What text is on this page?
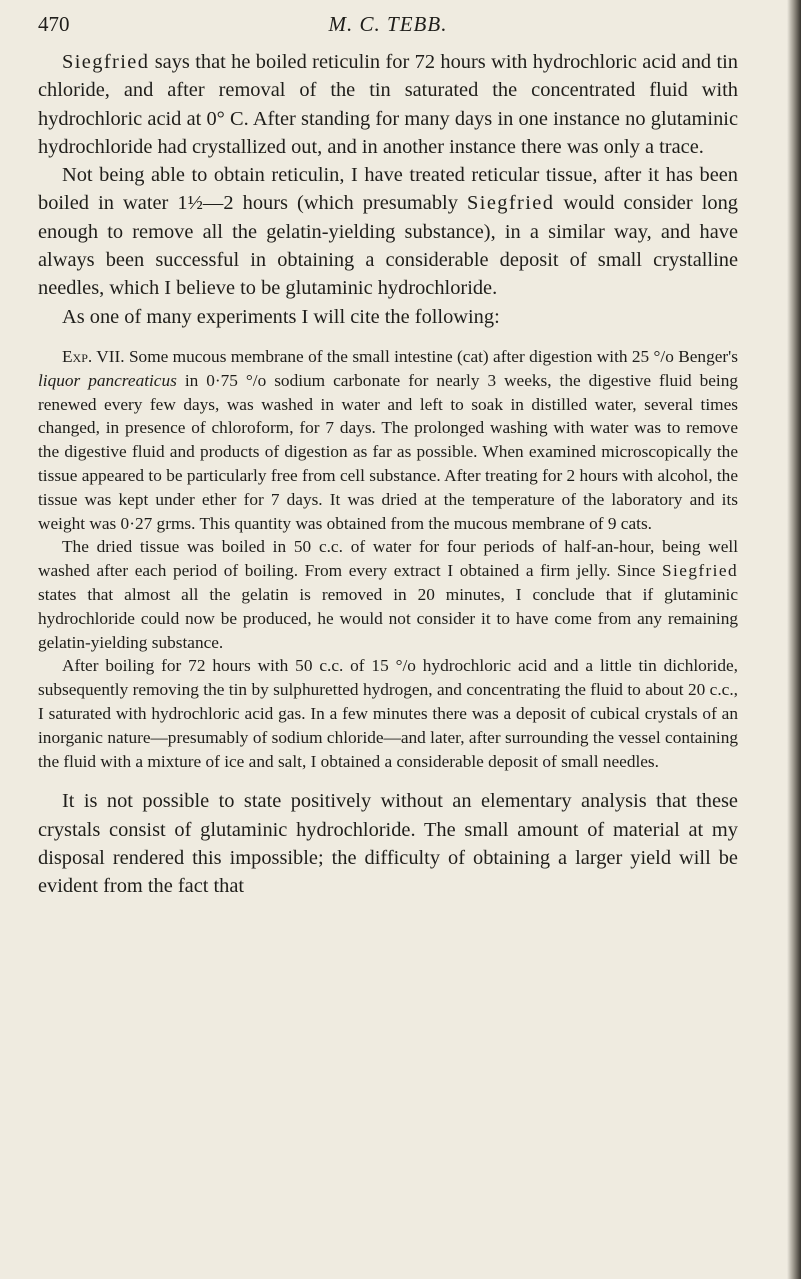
470	M. C. TEBB.

Siegfried says that he boiled reticulin for 72 hours with hydrochloric acid and tin chloride, and after removal of the tin saturated the concentrated fluid with hydrochloric acid at 0° C. After standing for many days in one instance no glutaminic hydrochloride had crystallized out, and in another instance there was only a trace.

Not being able to obtain reticulin, I have treated reticular tissue, after it has been boiled in water 1½—2 hours (which presumably Siegfried would consider long enough to remove all the gelatin-yielding substance), in a similar way, and have always been successful in obtaining a considerable deposit of small crystalline needles, which I believe to be glutaminic hydrochloride.

As one of many experiments I will cite the following:

Exp. VII. Some mucous membrane of the small intestine (cat) after digestion with 25 °/o Benger's liquor pancreaticus in 0·75 °/o sodium carbonate for nearly 3 weeks, the digestive fluid being renewed every few days, was washed in water and left to soak in distilled water, several times changed, in presence of chloroform, for 7 days. The prolonged washing with water was to remove the digestive fluid and products of digestion as far as possible. When examined microscopically the tissue appeared to be particularly free from cell substance. After treating for 2 hours with alcohol, the tissue was kept under ether for 7 days. It was dried at the temperature of the laboratory and its weight was 0·27 grms. This quantity was obtained from the mucous membrane of 9 cats.

The dried tissue was boiled in 50 c.c. of water for four periods of half-an-hour, being well washed after each period of boiling. From every extract I obtained a firm jelly. Since Siegfried states that almost all the gelatin is removed in 20 minutes, I conclude that if glutaminic hydrochloride could now be produced, he would not consider it to have come from any remaining gelatin-yielding substance.

After boiling for 72 hours with 50 c.c. of 15 °/o hydrochloric acid and a little tin dichloride, subsequently removing the tin by sulphuretted hydrogen, and concentrating the fluid to about 20 c.c., I saturated with hydrochloric acid gas. In a few minutes there was a deposit of cubical crystals of an inorganic nature—presumably of sodium chloride—and later, after surrounding the vessel containing the fluid with a mixture of ice and salt, I obtained a considerable deposit of small needles.

It is not possible to state positively without an elementary analysis that these crystals consist of glutaminic hydrochloride. The small amount of material at my disposal rendered this impossible; the difficulty of obtaining a larger yield will be evident from the fact that
